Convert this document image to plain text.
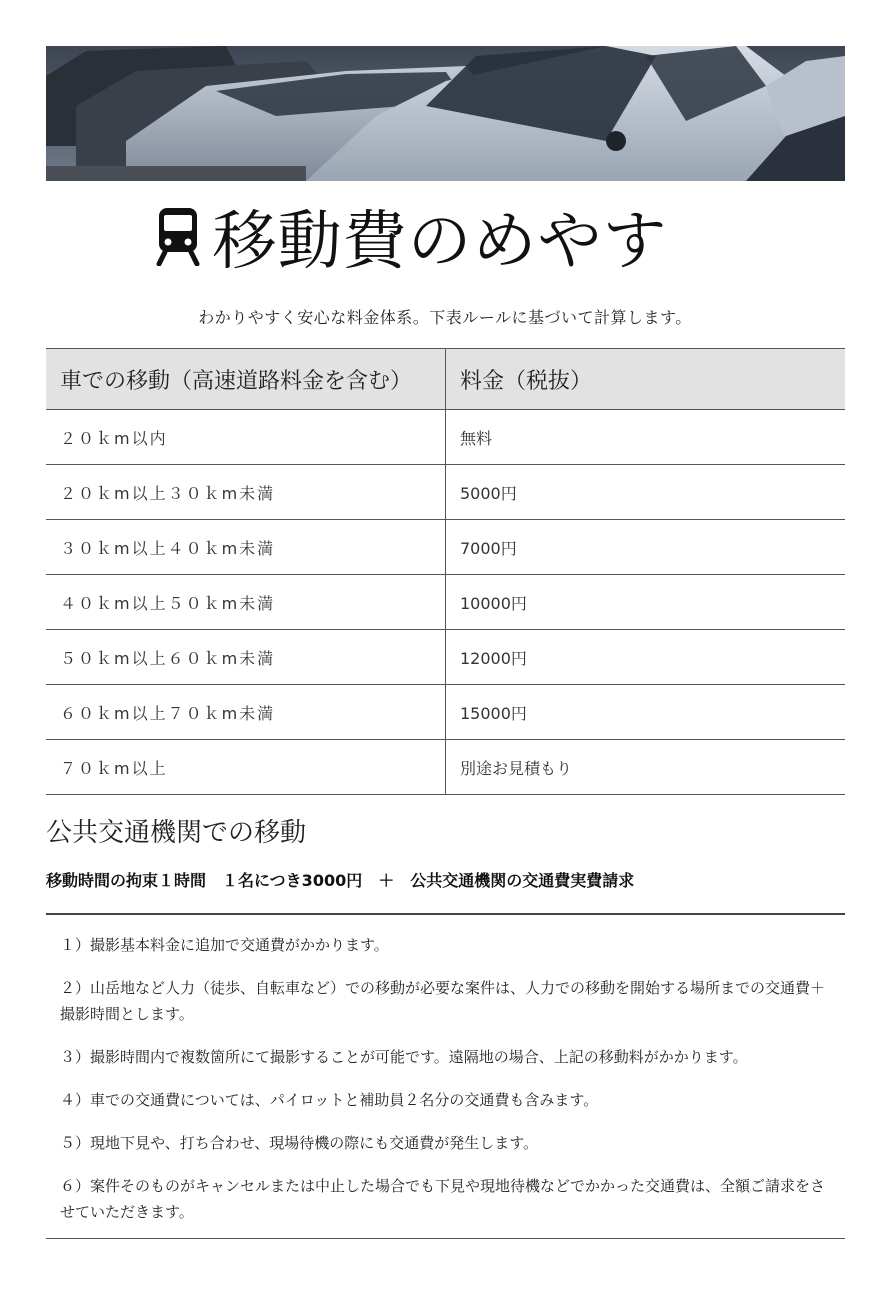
移動費のめやす
わかりやすく安心な料金体系。下表ルールに基づいて計算します。
車での移動（高速道路料金を含む）	料金（税抜）
２０ｋm以内	無料
２０ｋm以上３０ｋm未満	5000円
３０ｋm以上４０ｋm未満	7000円
４０ｋm以上５０ｋm未満	10000円
５０ｋm以上６０ｋm未満	12000円
６０ｋm以上７０ｋm未満	15000円
７０ｋm以上	別途お見積もり
公共交通機関での移動
移動時間の拘束１時間　１名につき3000円　＋　公共交通機関の交通費実費請求

１）撮影基本料金に追加で交通費がかかります。

２）山岳地など人力（徒歩、自転車など）での移動が必要な案件は、人力での移動を開始する場所までの交通費＋撮影時間とします。

３）撮影時間内で複数箇所にて撮影することが可能です。遠隔地の場合、上記の移動料がかかります。

４）車での交通費については、パイロットと補助員２名分の交通費も含みます。

５）現地下見や、打ち合わせ、現場待機の際にも交通費が発生します。

６）案件そのものがキャンセルまたは中止した場合でも下見や現地待機などでかかった交通費は、全額ご請求をさせていただきます。
